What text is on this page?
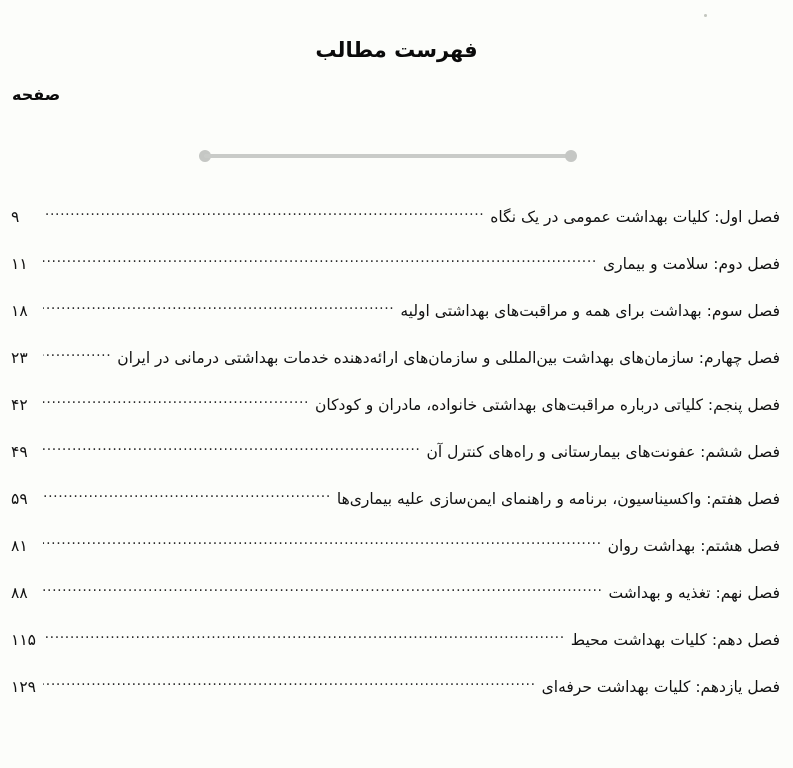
فهرست مطالب
صفحه
فصل اول: کلیات بهداشت عمومی در یک نگاه
.....
۹
فصل دوم: سلامت و بیماری
.....
۱۱
فصل سوم: بهداشت برای همه و مراقبت‌های بهداشتی اولیه
.....
۱۸
فصل چهارم: سازمان‌های بهداشت بین‌المللی و سازمان‌های ارائه‌دهنده خدمات بهداشتی درمانی در ایران
.....
۲۳
فصل پنجم: کلیاتی درباره مراقبت‌های بهداشتی خانواده، مادران و کودکان
.....
۴۲
فصل ششم: عفونت‌های بیمارستانی و راه‌های کنترل آن
.....
۴۹
فصل هفتم: واکسیناسیون، برنامه و راهنمای ایمن‌سازی علیه بیماری‌ها
.....
۵۹
فصل هشتم: بهداشت روان
.....
۸۱
فصل نهم: تغذیه و بهداشت
.....
۸۸
فصل دهم: کلیات بهداشت محیط
.....
۱۱۵
فصل یازدهم: کلیات بهداشت حرفه‌ای
.....
۱۲۹
